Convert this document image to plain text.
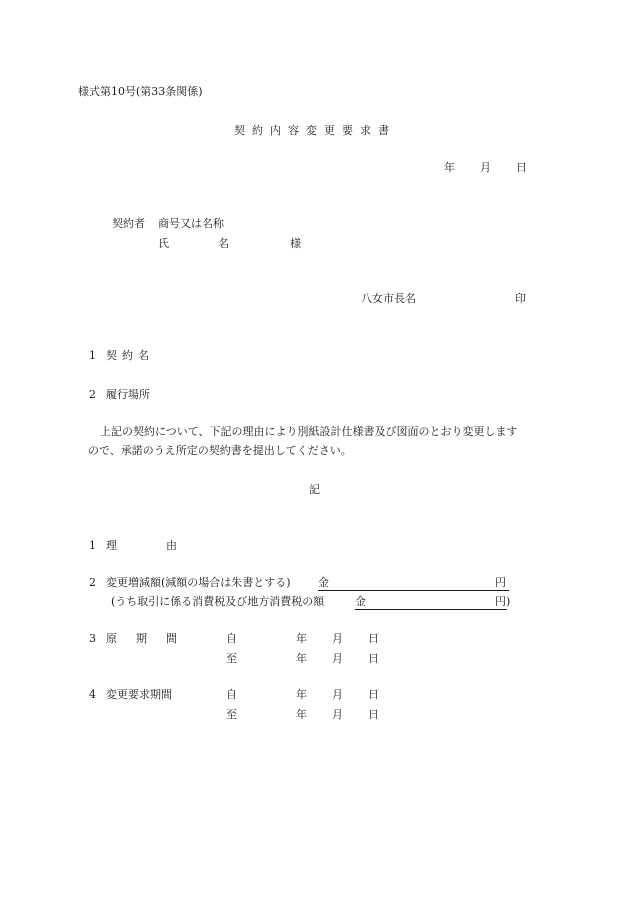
様式第10号(第33条関係)
契約内容変更要求書
年 月 日
契約者 商号又は名称
氏	名	様
八女市長名	印
1 契約名
2 履行場所
上記の契約について、下記の理由により別紙設計仕様書及び図面のとおり変更します
ので、承諾のうえ所定の契約書を提出してください。
記
1 理	由
2 変更増減額(減額の場合は朱書とする) 金	円
(うち取引に係る消費税及び地方消費税の額	金	円)
3 原 期 間	自	年 月 日
至	年 月 日
4 変更要求期間	自	年 月 日
至	年 月 日
